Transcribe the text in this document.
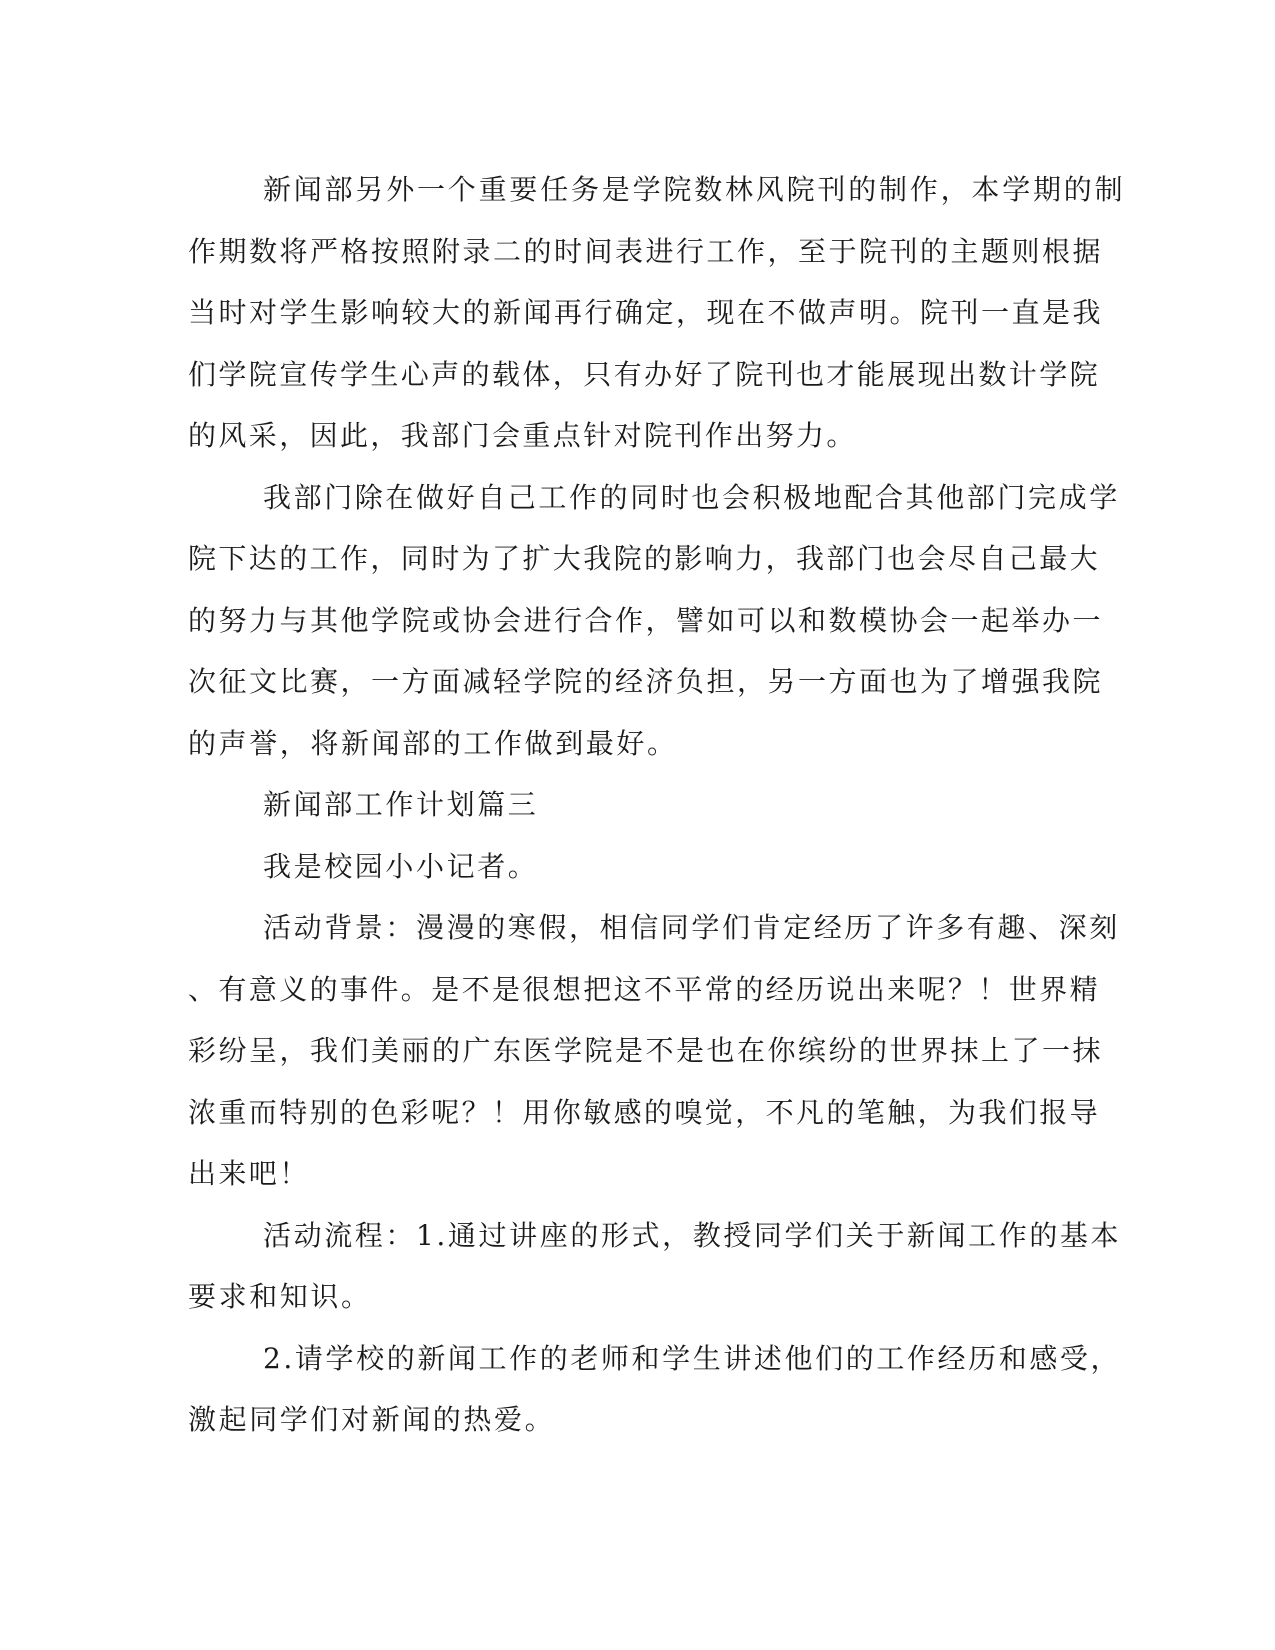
新闻部另外一个重要任务是学院数林风院刊的制作，本学期的制
作期数将严格按照附录二的时间表进行工作，至于院刊的主题则根据
当时对学生影响较大的新闻再行确定，现在不做声明。院刊一直是我
们学院宣传学生心声的载体，只有办好了院刊也才能展现出数计学院
的风采，因此，我部门会重点针对院刊作出努力。
我部门除在做好自己工作的同时也会积极地配合其他部门完成学
院下达的工作，同时为了扩大我院的影响力，我部门也会尽自己最大
的努力与其他学院或协会进行合作，譬如可以和数模协会一起举办一
次征文比赛，一方面减轻学院的经济负担，另一方面也为了增强我院
的声誉，将新闻部的工作做到最好。
新闻部工作计划篇三
我是校园小小记者。
活动背景：漫漫的寒假，相信同学们肯定经历了许多有趣、深刻
、有意义的事件。是不是很想把这不平常的经历说出来呢？！世界精
彩纷呈，我们美丽的广东医学院是不是也在你缤纷的世界抹上了一抹
浓重而特别的色彩呢？！用你敏感的嗅觉，不凡的笔触，为我们报导
出来吧！
活动流程：1.通过讲座的形式，教授同学们关于新闻工作的基本
要求和知识。
2.请学校的新闻工作的老师和学生讲述他们的工作经历和感受，
激起同学们对新闻的热爱。
